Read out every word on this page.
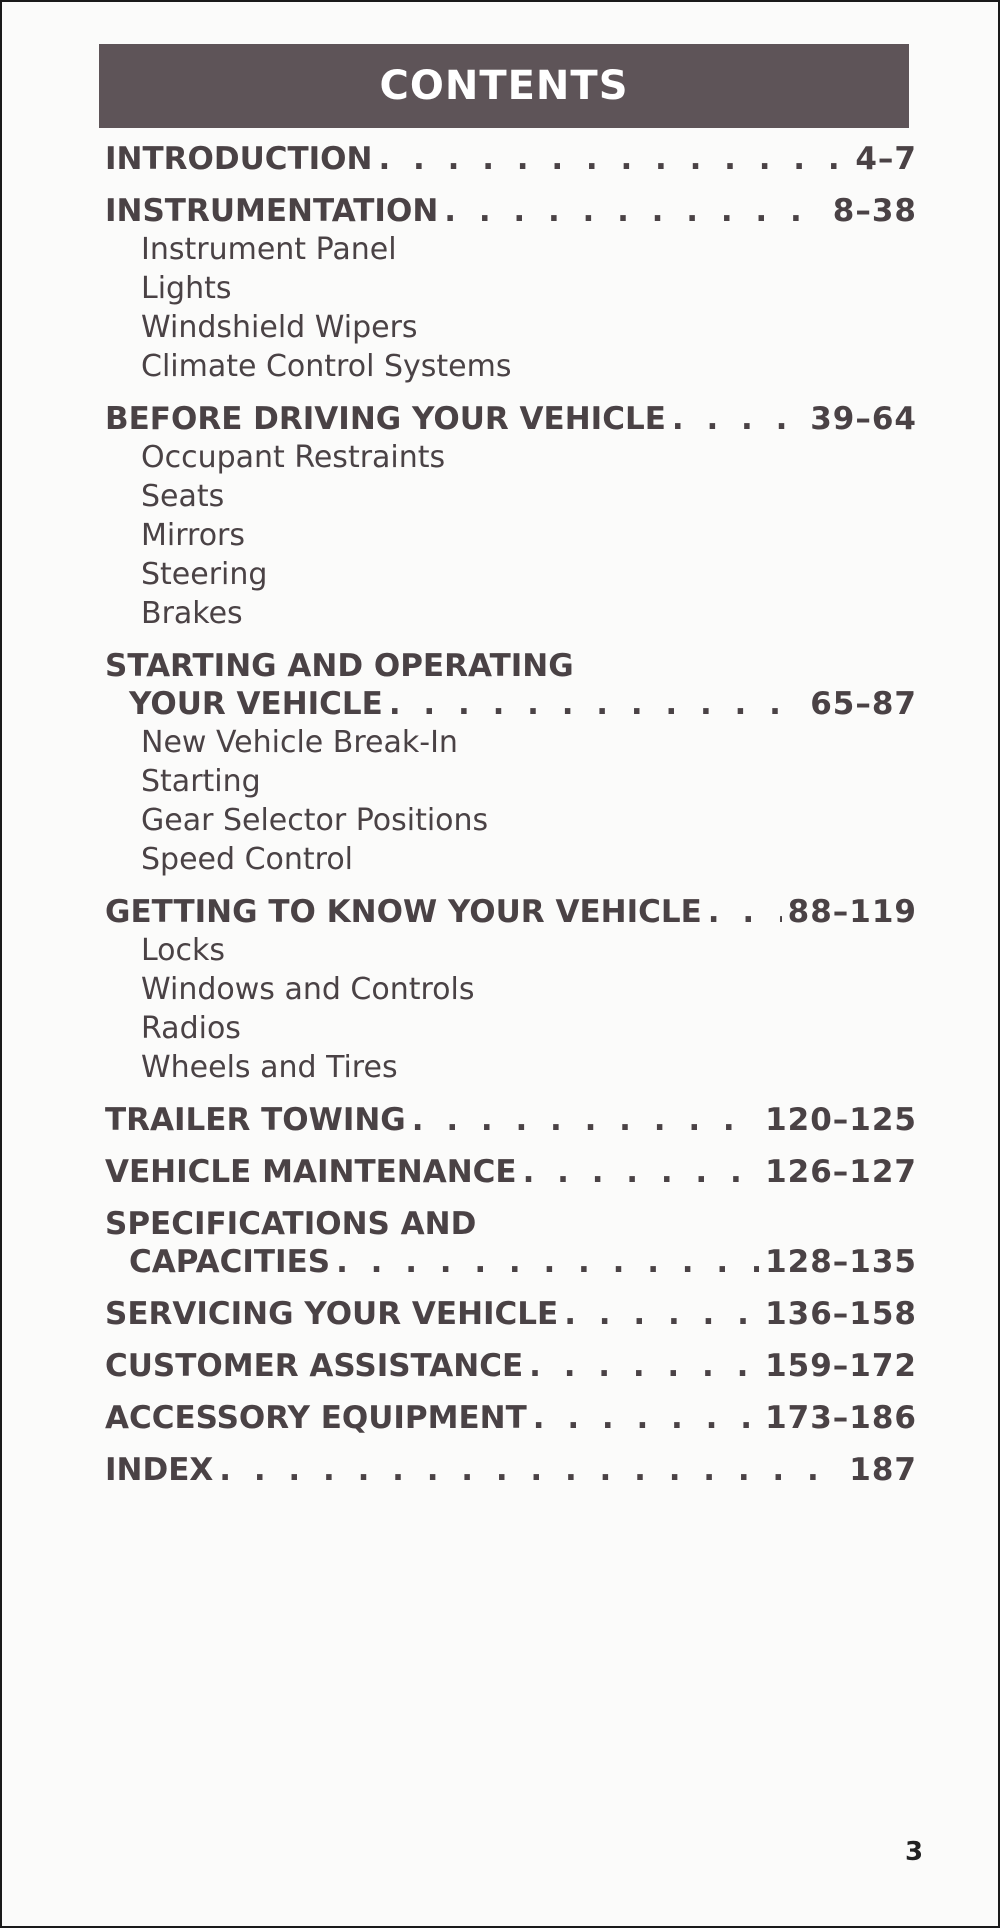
CONTENTS
INTRODUCTION . . .	4–7
INSTRUMENTATION . . .	8–38
Instrument Panel
Lights
Windshield Wipers
Climate Control Systems
BEFORE DRIVING YOUR VEHICLE . . .	39–64
Occupant Restraints
Seats
Mirrors
Steering
Brakes
STARTING AND OPERATING
YOUR VEHICLE . . .	65–87
New Vehicle Break-In
Starting
Gear Selector Positions
Speed Control
GETTING TO KNOW YOUR VEHICLE . . .	88–119
Locks
Windows and Controls
Radios
Wheels and Tires
TRAILER TOWING . . .	120–125
VEHICLE MAINTENANCE . . .	126–127
SPECIFICATIONS AND
CAPACITIES . . .	128–135
SERVICING YOUR VEHICLE . . .	136–158
CUSTOMER ASSISTANCE . . .	159–172
ACCESSORY EQUIPMENT . . .	173–186
INDEX . . .	187
3
